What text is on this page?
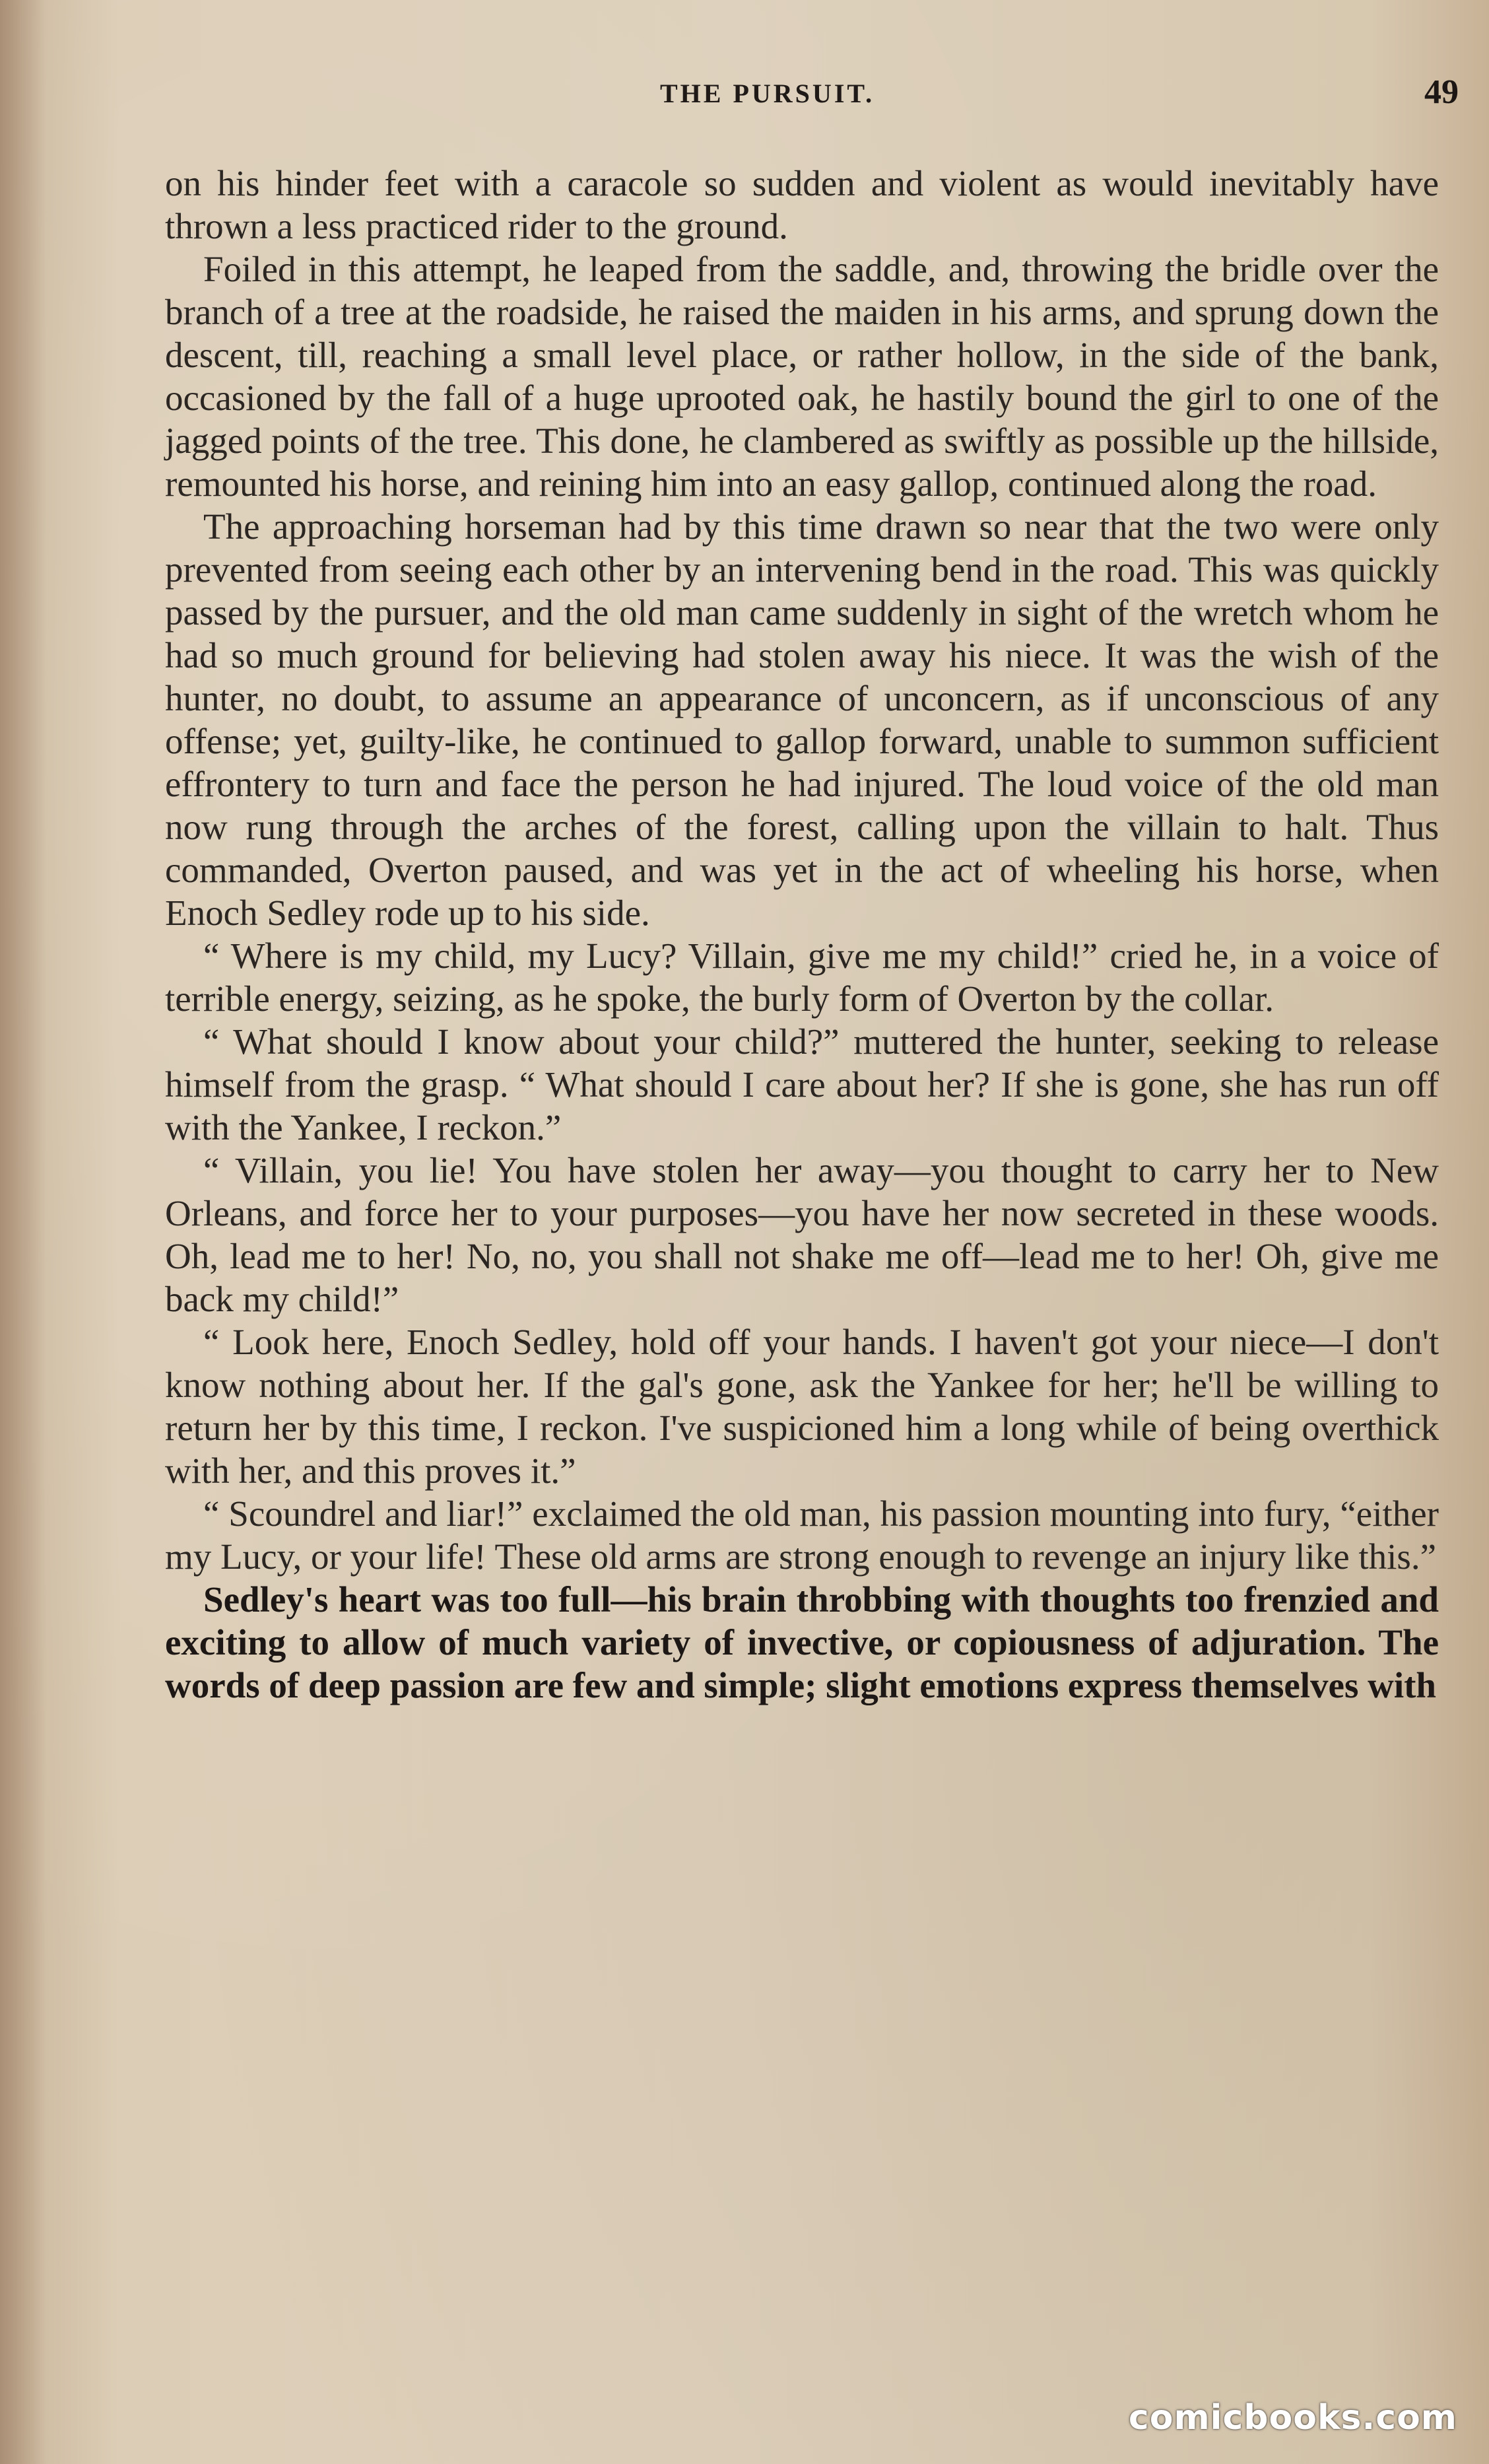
THE PURSUIT.	49

on his hinder feet with a caracole so sudden and violent as would inevitably have thrown a less practiced rider to the ground.

Foiled in this attempt, he leaped from the saddle, and, throwing the bridle over the branch of a tree at the roadside, he raised the maiden in his arms, and sprung down the descent, till, reaching a small level place, or rather hollow, in the side of the bank, occasioned by the fall of a huge uprooted oak, he hastily bound the girl to one of the jagged points of the tree. This done, he clambered as swiftly as possible up the hillside, remounted his horse, and reining him into an easy gallop, continued along the road.

The approaching horseman had by this time drawn so near that the two were only prevented from seeing each other by an intervening bend in the road. This was quickly passed by the pursuer, and the old man came suddenly in sight of the wretch whom he had so much ground for believing had stolen away his niece. It was the wish of the hunter, no doubt, to assume an appearance of unconcern, as if unconscious of any offense; yet, guilty-like, he continued to gallop forward, unable to summon sufficient effrontery to turn and face the person he had injured. The loud voice of the old man now rung through the arches of the forest, calling upon the villain to halt. Thus commanded, Overton paused, and was yet in the act of wheeling his horse, when Enoch Sedley rode up to his side.

“ Where is my child, my Lucy? Villain, give me my child!” cried he, in a voice of terrible energy, seizing, as he spoke, the burly form of Overton by the collar.

“ What should I know about your child?” muttered the hunter, seeking to release himself from the grasp. “ What should I care about her? If she is gone, she has run off with the Yankee, I reckon.”

“ Villain, you lie! You have stolen her away—you thought to carry her to New Orleans, and force her to your purposes—you have her now secreted in these woods. Oh, lead me to her! No, no, you shall not shake me off—lead me to her! Oh, give me back my child!”

“ Look here, Enoch Sedley, hold off your hands. I haven't got your niece—I don't know nothing about her. If the gal's gone, ask the Yankee for her; he'll be willing to return her by this time, I reckon. I've suspicioned him a long while of being overthick with her, and this proves it.”

“ Scoundrel and liar!” exclaimed the old man, his passion mounting into fury, “either my Lucy, or your life! These old arms are strong enough to revenge an injury like this.”

Sedley's heart was too full—his brain throbbing with thoughts too frenzied and exciting to allow of much variety of invective, or copiousness of adjuration. The words of deep passion are few and simple; slight emotions express themselves with

comicbooks.com
